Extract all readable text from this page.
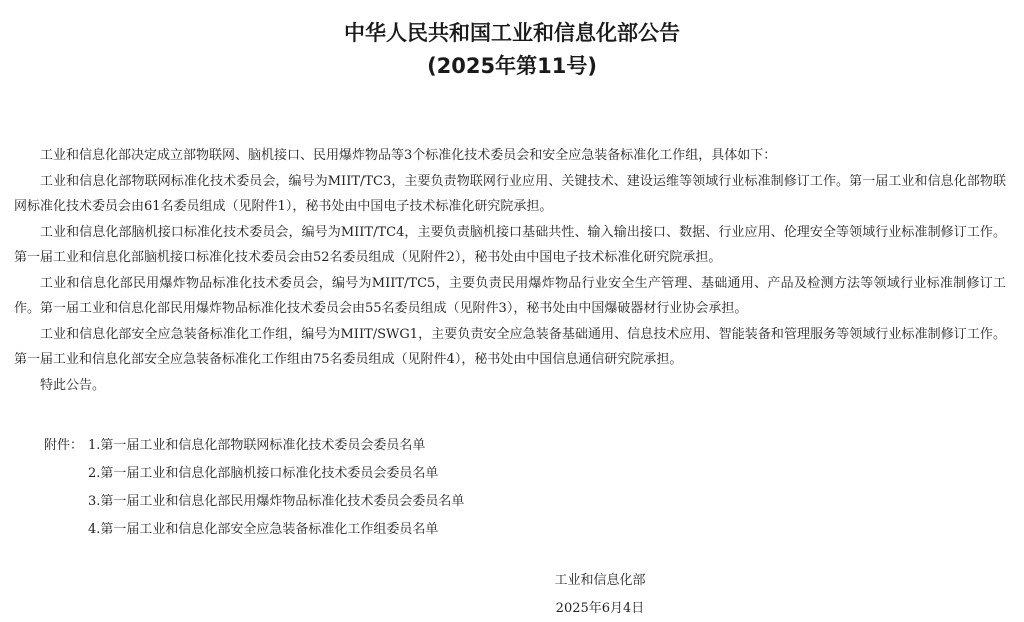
中华人民共和国工业和信息化部公告
(2025年第11号)

工业和信息化部决定成立部物联网、脑机接口、民用爆炸物品等3个标准化技术委员会和安全应急装备标准化工作组，具体如下：

工业和信息化部物联网标准化技术委员会，编号为MIIT/TC3，主要负责物联网行业应用、关键技术、建设运维等领域行业标准制修订工作。第一届工业和信息化部物联网标准化技术委员会由61名委员组成（见附件1），秘书处由中国电子技术标准化研究院承担。

工业和信息化部脑机接口标准化技术委员会，编号为MIIT/TC4，主要负责脑机接口基础共性、输入输出接口、数据、行业应用、伦理安全等领域行业标准制修订工作。第一届工业和信息化部脑机接口标准化技术委员会由52名委员组成（见附件2），秘书处由中国电子技术标准化研究院承担。

工业和信息化部民用爆炸物品标准化技术委员会，编号为MIIT/TC5，主要负责民用爆炸物品行业安全生产管理、基础通用、产品及检测方法等领域行业标准制修订工作。第一届工业和信息化部民用爆炸物品标准化技术委员会由55名委员组成（见附件3），秘书处由中国爆破器材行业协会承担。

工业和信息化部安全应急装备标准化工作组，编号为MIIT/SWG1，主要负责安全应急装备基础通用、信息技术应用、智能装备和管理服务等领域行业标准制修订工作。第一届工业和信息化部安全应急装备标准化工作组由75名委员组成（见附件4），秘书处由中国信息通信研究院承担。

特此公告。

附件： 1.第一届工业和信息化部物联网标准化技术委员会委员名单
2.第一届工业和信息化部脑机接口标准化技术委员会委员名单
3.第一届工业和信息化部民用爆炸物品标准化技术委员会委员名单
4.第一届工业和信息化部安全应急装备标准化工作组委员名单
工业和信息化部
2025年6月4日
